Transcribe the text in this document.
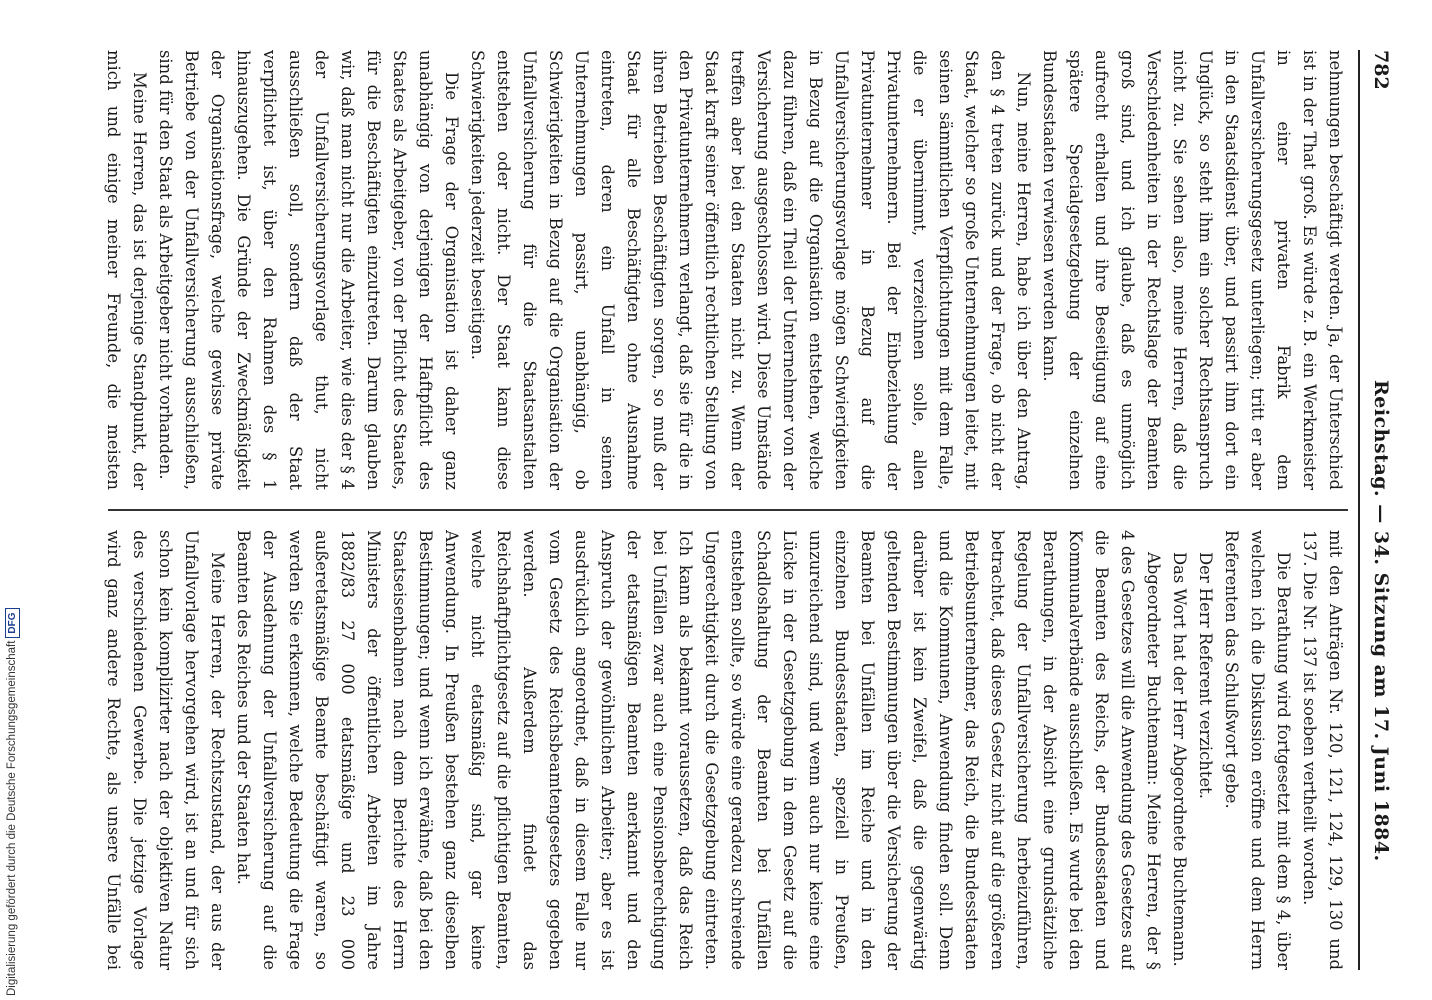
782
Reichstag. — 34. Sitzung am 17. Juni 1884.

nehmungen beschäftigt werden. Ja, der Unterschied ist in der That groß. Es würde z. B. ein Werkmeister in einer privaten Fabrik dem Unfallversicherungsgesetz unterliegen; tritt er aber in den Staatsdienst über, und passirt ihm dort ein Unglück, so steht ihm ein solcher Rechtsanspruch nicht zu. Sie sehen also, meine Herren, daß die Verschiedenheiten in der Rechtslage der Beamten groß sind, und ich glaube, daß es unmöglich aufrecht erhalten und ihre Beseitigung auf eine spätere Specialgesetzgebung der einzelnen Bundesstaaten verwiesen werden kann.

Nun, meine Herren, habe ich über den Antrag, den § 4 treten zurück und der Frage, ob nicht der Staat, welcher so große Unternehmungen leitet, mit seinen sämmtlichen Verpflichtungen mit dem Falle, die er übernimmt, verzeichnen solle, allen Privatunternehmern. Bei der Einbeziehung der Privatunternehmer in Bezug auf die Unfallversicherungsvorlage mögen Schwierigkeiten in Bezug auf die Organisation entstehen, welche dazu führen, daß ein Theil der Unternehmer von der Versicherung ausgeschlossen wird. Diese Umstände treffen aber bei den Staaten nicht zu. Wenn der Staat kraft seiner öffentlich rechtlichen Stellung von den Privatunternehmern verlangt, daß sie für die in ihren Betrieben Beschäftigten sorgen, so muß der Staat für alle Beschäftigten ohne Ausnahme eintreten, deren ein Unfall in seinen Unternehmungen passirt, unabhängig, ob Schwierigkeiten in Bezug auf die Organisation der Unfallversicherung für die Staatsanstalten entstehen oder nicht. Der Staat kann diese Schwierigkeiten jederzeit beseitigen.

Die Frage der Organisation ist daher ganz unabhängig von derjenigen der Haftpflicht des Staates als Arbeitgeber, von der Pflicht des Staates, für die Beschäftigten einzutreten. Darum glauben wir, daß man nicht nur die Arbeiter, wie dies der § 4 der Unfallversicherungsvorlage thut, nicht ausschließen soll, sondern daß der Staat verpflichtet ist, über den Rahmen des § 1 hinauszugehen. Die Gründe der Zweckmäßigkeit der Organisationsfrage, welche gewisse private Betriebe von der Unfallversicherung ausschließen, sind für den Staat als Arbeitgeber nicht vorhanden.

Meine Herren, das ist derjenige Standpunkt, der mich und einige meiner Freunde, die meisten

mit den Anträgen Nr. 120, 121, 124, 129, 130 und 137. Die Nr. 137 ist soeben vertheilt worden.

Die Berathung wird fortgesetzt mit dem § 4, über welchen ich die Diskussion eröffne und dem Herrn Referenten das Schlußwort gebe.

Der Herr Referent verzichtet.

Das Wort hat der Herr Abgeordnete Buchtemann.

Abgeordneter Buchtemann: Meine Herren, der § 4 des Gesetzes will die Anwendung des Gesetzes auf die Beamten des Reichs, der Bundesstaaten und Kommunalverbände ausschließen. Es wurde bei den Berathungen, in der Absicht eine grundsätzliche Regelung der Unfallversicherung herbeizuführen, betrachtet, daß dieses Gesetz nicht auf die größeren Betriebsunternehmer, das Reich, die Bundesstaaten und die Kommunen, Anwendung finden soll. Denn darüber ist kein Zweifel, daß die gegenwärtig geltenden Bestimmungen über die Versicherung der Beamten bei Unfällen im Reiche und in den einzelnen Bundesstaaten, speziell in Preußen, unzureichend sind, und wenn auch nur keine eine Lücke in der Gesetzgebung in dem Gesetz auf die Schadloshaltung der Beamten bei Unfällen entstehen sollte, so würde eine geradezu schreiende Ungerechtigkeit durch die Gesetzgebung eintreten. Ich kann als bekannt voraussetzen, daß das Reich bei Unfällen zwar auch eine Pensionsberechtigung der etatsmäßigen Beamten anerkannt und den Anspruch der gewöhnlichen Arbeiter; aber es ist ausdrücklich angeordnet, daß in diesem Falle nur vom Gesetz des Reichsbeamtengesetzes gegeben werden. Außerdem findet das Reichshaftpflichtgesetz auf die pflichtigen Beamten, welche nicht etatsmäßig sind, gar keine Anwendung. In Preußen bestehen ganz dieselben Bestimmungen; und wenn ich erwähne, daß bei den Staatseisenbahnen nach dem Berichte des Herrn Ministers der öffentlichen Arbeiten im Jahre 1882/83 27 000 etatsmäßige und 23 000 außeretatsmäßige Beamte beschäftigt waren, so werden Sie erkennen, welche Bedeutung die Frage der Ausdehnung der Unfallversicherung auf die Beamten des Reiches und der Staaten hat.

Meine Herren, der Rechtszustand, der aus der Unfallvorlage hervorgehen wird, ist an und für sich schon kein komplizirter nach der objektiven Natur des verschiedenen Gewerbe. Die jetzige Vorlage wird ganz andere Rechte, als unsere Unfälle bei

Digitalisierung gefördert durch die Deutsche ForschungsgemeinschaftDFG
